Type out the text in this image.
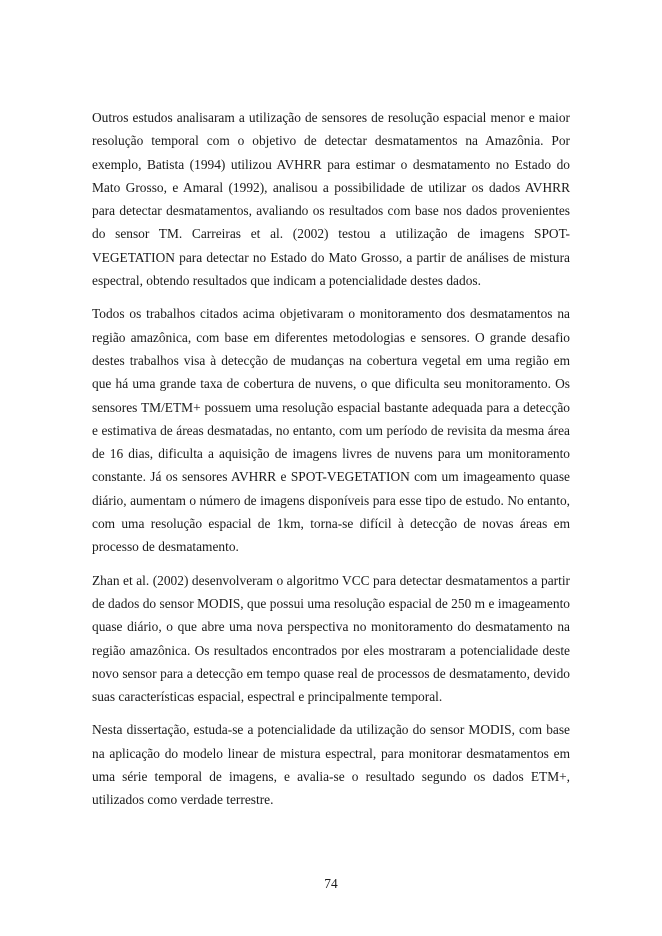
Outros estudos analisaram a utilização de sensores de resolução espacial menor e maior resolução temporal com o objetivo de detectar desmatamentos na Amazônia. Por exemplo, Batista (1994) utilizou AVHRR para estimar o desmatamento no Estado do Mato Grosso, e Amaral (1992), analisou a possibilidade de utilizar os dados AVHRR para detectar desmatamentos, avaliando os resultados com base nos dados provenientes do sensor TM. Carreiras et al. (2002) testou a utilização de imagens SPOT-VEGETATION para detectar no Estado do Mato Grosso, a partir de análises de mistura espectral, obtendo resultados que indicam a potencialidade destes dados.

Todos os trabalhos citados acima objetivaram o monitoramento dos desmatamentos na região amazônica, com base em diferentes metodologias e sensores. O grande desafio destes trabalhos visa à detecção de mudanças na cobertura vegetal em uma região em que há uma grande taxa de cobertura de nuvens, o que dificulta seu monitoramento. Os sensores TM/ETM+ possuem uma resolução espacial bastante adequada para a detecção e estimativa de áreas desmatadas, no entanto, com um período de revisita da mesma área de 16 dias, dificulta a aquisição de imagens livres de nuvens para um monitoramento constante. Já os sensores AVHRR e SPOT-VEGETATION com um imageamento quase diário, aumentam o número de imagens disponíveis para esse tipo de estudo. No entanto, com uma resolução espacial de 1km, torna-se difícil à detecção de novas áreas em processo de desmatamento.

Zhan et al. (2002) desenvolveram o algoritmo VCC para detectar desmatamentos a partir de dados do sensor MODIS, que possui uma resolução espacial de 250 m e imageamento quase diário, o que abre uma nova perspectiva no monitoramento do desmatamento na região amazônica. Os resultados encontrados por eles mostraram a potencialidade deste novo sensor para a detecção em tempo quase real de processos de desmatamento, devido suas características espacial, espectral e principalmente temporal.

Nesta dissertação, estuda-se a potencialidade da utilização do sensor MODIS, com base na aplicação do modelo linear de mistura espectral, para monitorar desmatamentos em uma série temporal de imagens, e avalia-se o resultado segundo os dados ETM+, utilizados como verdade terrestre.

74
